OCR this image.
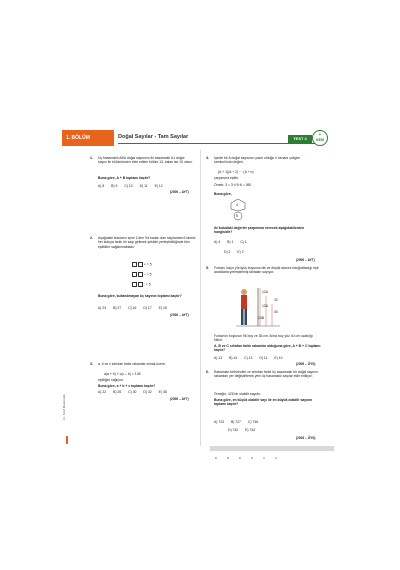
1. BÖLÜM	Doğal Sayılar - Tam Sayılar	TEST 4
+
KEM
1. Üç basamaklı ABA doğal sayısının iki basamaklı A1 doğal sayısı ile bölümünden elde edilen bölüm 13, kalan ise 10 olsun.
Buna göre, A + B toplamı kaçtır?
A) 8 B) 9 C) 10 D) 11 E) 12
(2000 – AYT)
2. Aşağıdaki kutuların içine 1'den 9'a kadar olan sayılardan 6 tanesi her kutuya farklı bir sayı gelecek şekilde yerleştirildiğinde tüm eşitlikler sağlanmaktadır.
+ = 5
– = 5
: = 5
Buna göre, kullanılmayan üç sayının toplamı kaçtır?
A) 23 B) 27 C) 16 D) 17 E) 15
(2000 – AYT)
3. a, b ve c sıfırdan farklı rakamlar olmak üzere,
a(a + b) + c(c – b) = 145
eşitliğini sağlıyor.
Buna göre, a + b + c toplamı kaçtır?
A) 22 B) 26 C) 30 D) 32 E) 36
(2000 – AYT)
4. İçinde bir A doğal sayısının yazılı olduğu n kenarlı çokgen sembolünün değeri,
(A + 1)(A + 2) ··· (A + n)
çarpımına eşittir.
Örnek: 3 = 3·4·5·6 = 360
Buna göre,
4
5
iki kutudaki değerler çarpımına verecek aşağıdakilerden hangisidir?
A) 4 B) 1 C) 1
D) 2 E) 2
(2000 – AYT)
5. Furkan, bayır yürüyüş boyunca dik ve düşük alanını fotoğrafladığı eşit aralıklarla yerleştirilmiş tahtaları sayıyor.
12A
42
12A
30
13B
Furkan'ın boyunun 96 boy ve 36 cm, ikinci boy yüz 40 cm uzaklığı bilinir.
A, B ve C sıfırdan farklı rakamlar olduğuna göre, A + B + C toplamı kaçtır?
A) 13 B) 14 C) 13 D) 11 E) 10
(2005 – ÖYS)
6. Rakamları birbirinden ve sıfırdan farklı üç basamaklı bir doğal sayının rakamları yer değiştirilerek yeni üç basamaklı sayılar elde ediliyor.
Örneğin, 426 bir olabilir sayıdır.
Buna göre, en küçük olabilir sayı ile en büyük olabilir sayının toplamı kaçtır?
A) 723 B) 727 C) 736
D) 742 E) 743
(2003 – ÖYS)
D	B	D	D	A	A
11. Sınıf Matematik
